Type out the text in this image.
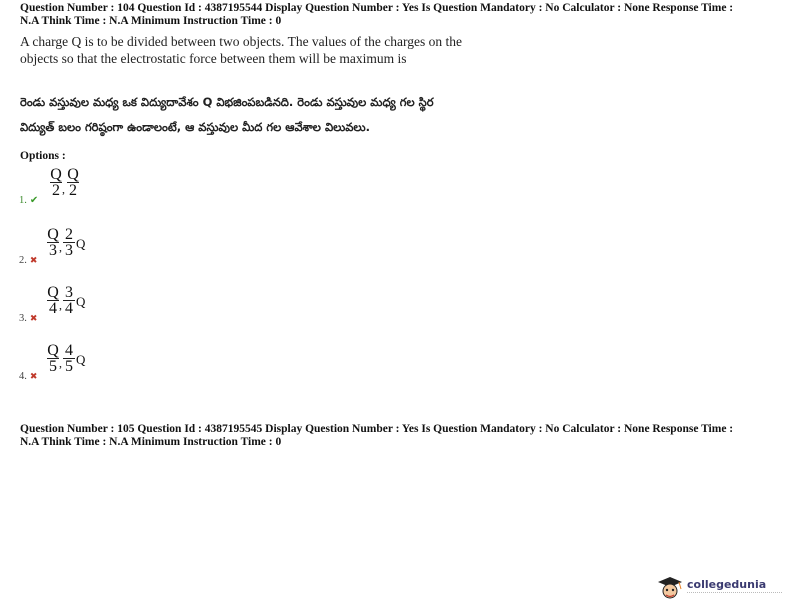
Question Number : 104 Question Id : 4387195544 Display Question Number : Yes Is Question Mandatory : No Calculator : None Response Time :
N.A Think Time : N.A Minimum Instruction Time : 0
A charge Q is to be divided between two objects. The values of the charges on the
objects so that the electrostatic force between them will be maximum is
రెండు వస్తువుల మధ్య ఒక విద్యుదావేశం Q విభజింపబడినది. రెండు వస్తువుల మధ్య గల స్థిర
విద్యుత్ బలం గరిష్ఠంగా ఉండాలంటే, ఆ వస్తువుల మీద గల ఆవేశాల విలువలు.
Options :
1. ✔
Q
2 ,
Q
2
2. ✖
Q
3 ,
2
3 Q
3. ✖
Q
4 ,
3
4 Q
4. ✖
Q
5 ,
4
5 Q
Question Number : 105 Question Id : 4387195545 Display Question Number : Yes Is Question Mandatory : No Calculator : None Response Time :
N.A Think Time : N.A Minimum Instruction Time : 0
collegedunia
